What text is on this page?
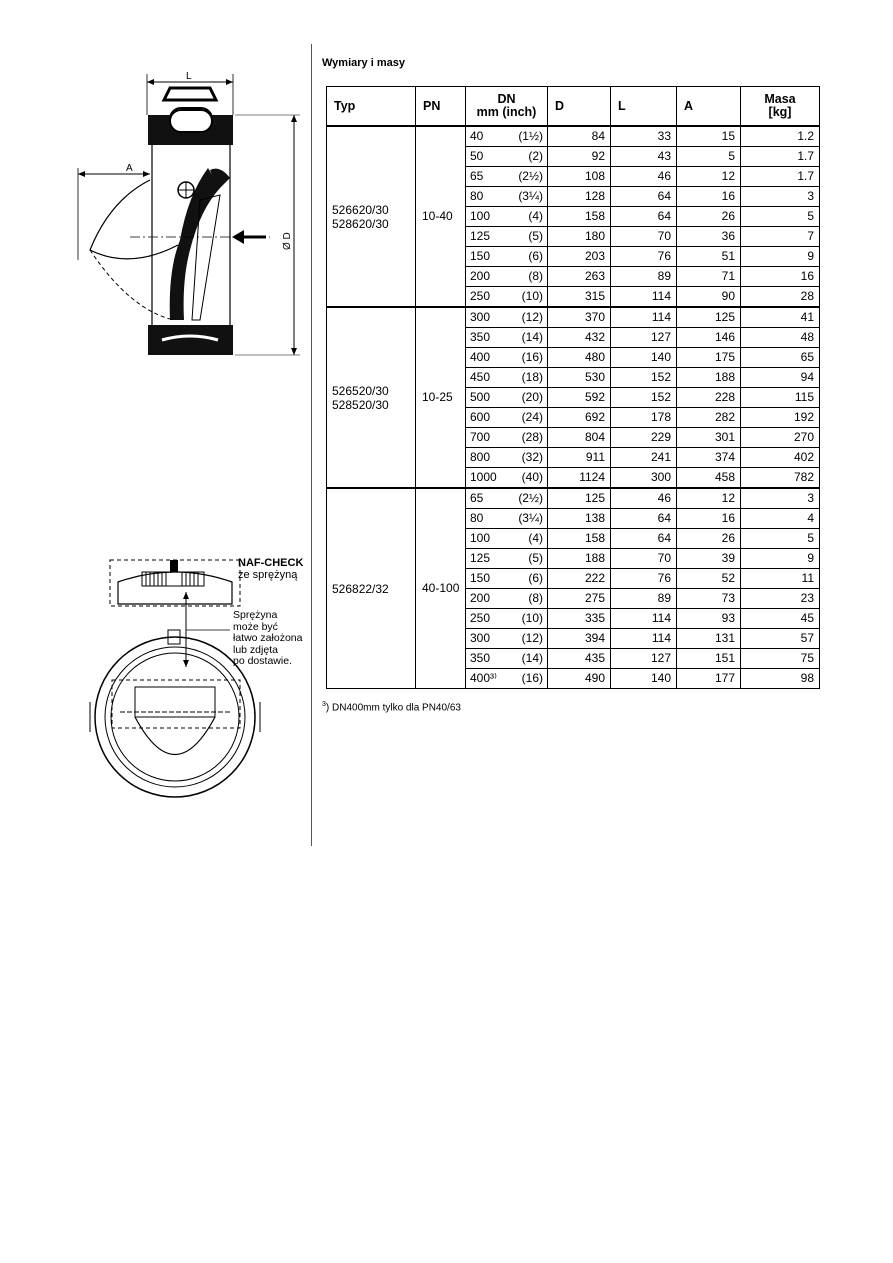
L
A
Ø D
Wymiary i masy
Typ	PN	DN
mm (inch)	D	L	A	Masa
[kg]
526620/30
528620/30	10-40	40 (1½)	84	33	15	1.2

		50 (2)	92	43	5	1.7

		65 (2½)	108	46	12	1.7

		80 (3¼)	128	64	16	3

		100 (4)	158	64	26	5

		125 (5)	180	70	36	7

		150 (6)	203	76	51	9

		200 (8)	263	89	71	16

		250 (10)	315	114	90	28
526520/30
528520/30	10-25	300 (12)	370	114	125	41

		350 (14)	432	127	146	48

		400 (16)	480	140	175	65

		450 (18)	530	152	188	94

		500 (20)	592	152	228	115

		600 (24)	692	178	282	192

		700 (28)	804	229	301	270

		800 (32)	911	241	374	402

		1000 (40)	1124	300	458	782
526822/32	40-100	65 (2½)	125	46	12	3

		80 (3¼)	138	64	16	4

		100 (4)	158	64	26	5

		125 (5)	188	70	39	9

		150 (6)	222	76	52	11

		200 (8)	275	89	73	23

		250 (10)	335	114	93	45

		300 (12)	394	114	131	57

		350 (14)	435	127	151	75

		400³⁾ (16)	490	140	177	98
$^3$) DN400mm tylko dla PN40/63
NAF-CHECK
ze sprężyną
Sprężyna
może być
łatwo założona
lub zdjęta
po dostawie.
